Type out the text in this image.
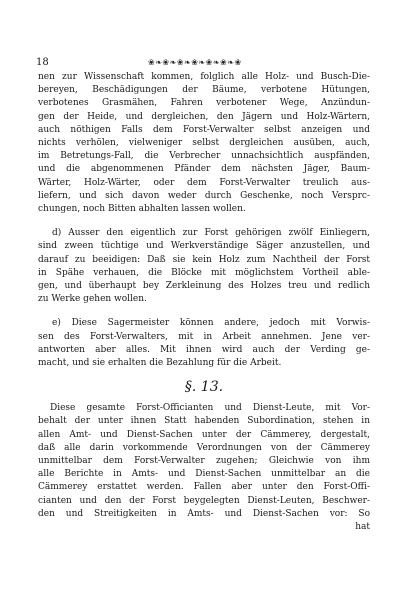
18	❀❧❀❧❀❧❀❧❀❧❀❧❀
nen zur Wissenschaft kommen, folglich alle Holz- und Busch-Die-
bereyen, Beschädigungen der Bäume, verbotene Hütungen,
verbotenes Grasmähen, Fahren verbotener Wege, Anzündun-
gen der Heide, und dergleichen, den Jägern und Holz-Wärtern,
auch nöthigen Falls dem Forst-Verwalter selbst anzeigen und
nichts verhölen, vielweniger selbst dergleichen ausüben, auch,
im Betretungs-Fall, die Verbrecher unnachsichtlich auspfänden,
und die abgenommenen Pfänder dem nächsten Jäger, Baum-
Wärter, Holz-Wärter, oder dem Forst-Verwalter treulich aus-
liefern, und sich davon weder durch Geschenke, noch Versprc-
chungen, noch Bitten abhalten lassen wollen.
d) Ausser den eigentlich zur Forst gehörigen zwölf Einliegern,
sind zween tüchtige und Werkverständige Säger anzustellen, und
darauf zu beeidigen: Daß sie kein Holz zum Nachtheil der Forst
in Spähe verhauen, die Blöcke mit möglichstem Vortheil able-
gen, und überhaupt bey Zerkleinung des Holzes treu und redlich
zu Werke gehen wollen.
e) Diese Sagermeister können andere, jedoch mit Vorwis-
sen des Forst-Verwalters, mit in Arbeit annehmen. Jene ver-
antworten aber alles. Mit ihnen wird auch der Verding ge-
macht, und sie erhalten die Bezahlung für die Arbeit.
§. 13.
Diese gesamte Forst-Officianten und Dienst-Leute, mit Vor-
behalt der unter ihnen Statt habenden Subordination, stehen in
allen Amt- und Dienst-Sachen unter der Cämmerey, dergestalt,
daß alle darin vorkommende Verordnungen von der Cämmerey
unmittelbar dem Forst-Verwalter zugehen; Gleichwie von ihm
alle Berichte in Amts- und Dienst-Sachen unmittelbar an die
Cämmerey erstattet werden. Fallen aber unter den Forst-Offi-
cianten und den der Forst beygelegten Dienst-Leuten, Beschwer-
den und Streitigkeiten in Amts- und Dienst-Sachen vor: So
hat
